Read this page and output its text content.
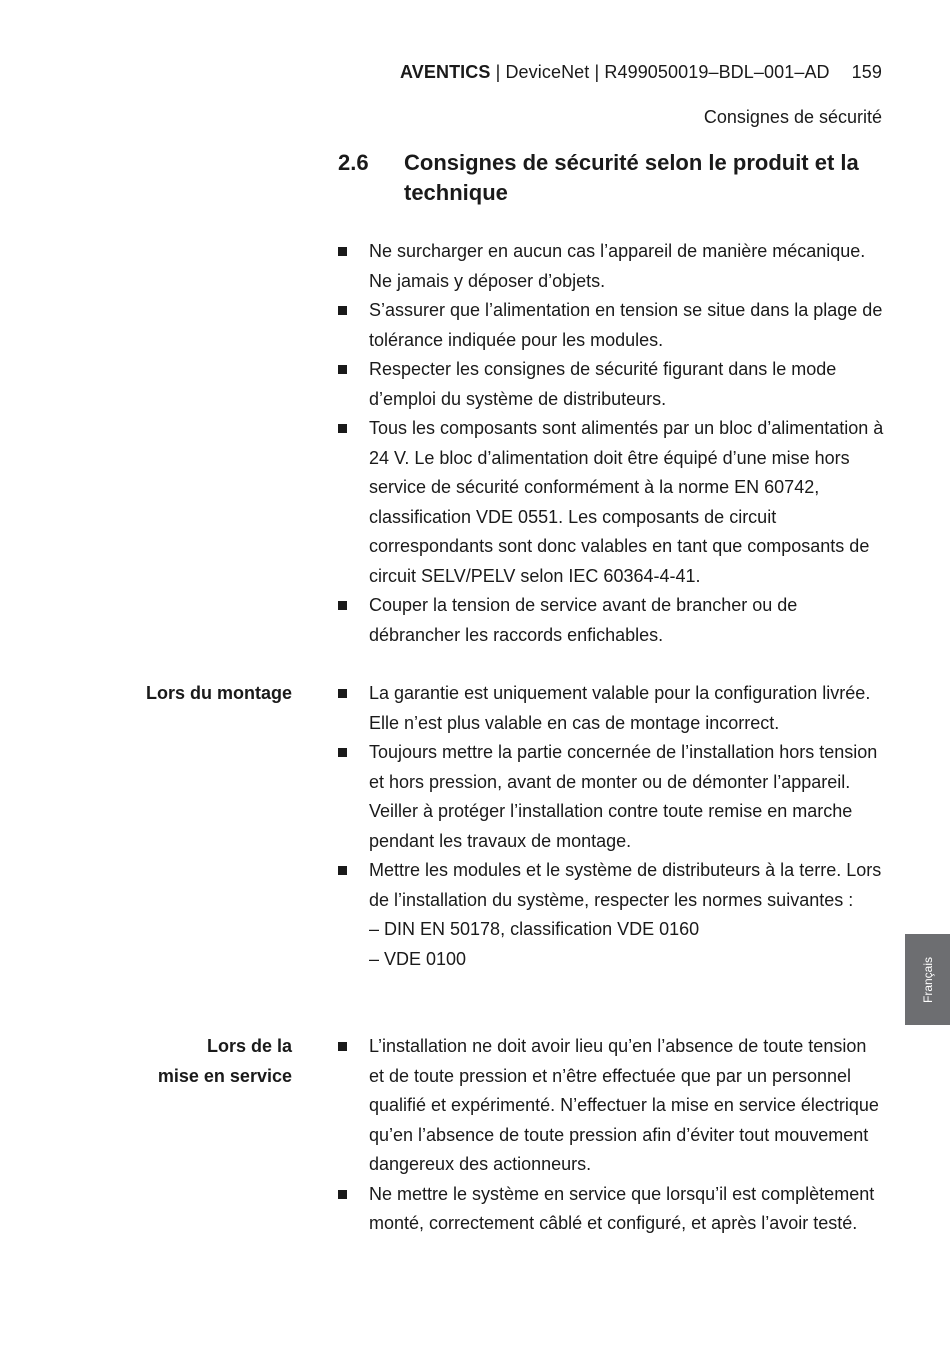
AVENTICS | DeviceNet | R499050019–BDL–001–AD 159
Consignes de sécurité
2.6 Consignes de sécurité selon le produit et la technique
Ne surcharger en aucun cas l’appareil de manière mécanique. Ne jamais y déposer d’objets.
S’assurer que l’alimentation en tension se situe dans la plage de tolérance indiquée pour les modules.
Respecter les consignes de sécurité figurant dans le mode d’emploi du système de distributeurs.
Tous les composants sont alimentés par un bloc d’alimentation à 24 V. Le bloc d’alimentation doit être équipé d’une mise hors service de sécurité conformément à la norme EN 60742, classification VDE 0551. Les composants de circuit correspondants sont donc valables en tant que composants de circuit SELV/PELV selon IEC 60364-4-41.
Couper la tension de service avant de brancher ou de débrancher les raccords enfichables.
Lors du montage	La garantie est uniquement valable pour la configuration livrée. Elle n’est plus valable en cas de montage incorrect.
Toujours mettre la partie concernée de l’installation hors tension et hors pression, avant de monter ou de démonter l’appareil. Veiller à protéger l’installation contre toute remise en marche pendant les travaux de montage.
Mettre les modules et le système de distributeurs à la terre. Lors de l’installation du système, respecter les normes suivantes :
– DIN EN 50178, classification VDE 0160
– VDE 0100
Lors de la
mise en service
L’installation ne doit avoir lieu qu’en l’absence de toute tension et de toute pression et n’être effectuée que par un personnel qualifié et expérimenté. N’effectuer la mise en service électrique qu’en l’absence de toute pression afin d’éviter tout mouvement dangereux des actionneurs.
Ne mettre le système en service que lorsqu’il est complètement monté, correctement câblé et configuré, et après l’avoir testé.
Français
